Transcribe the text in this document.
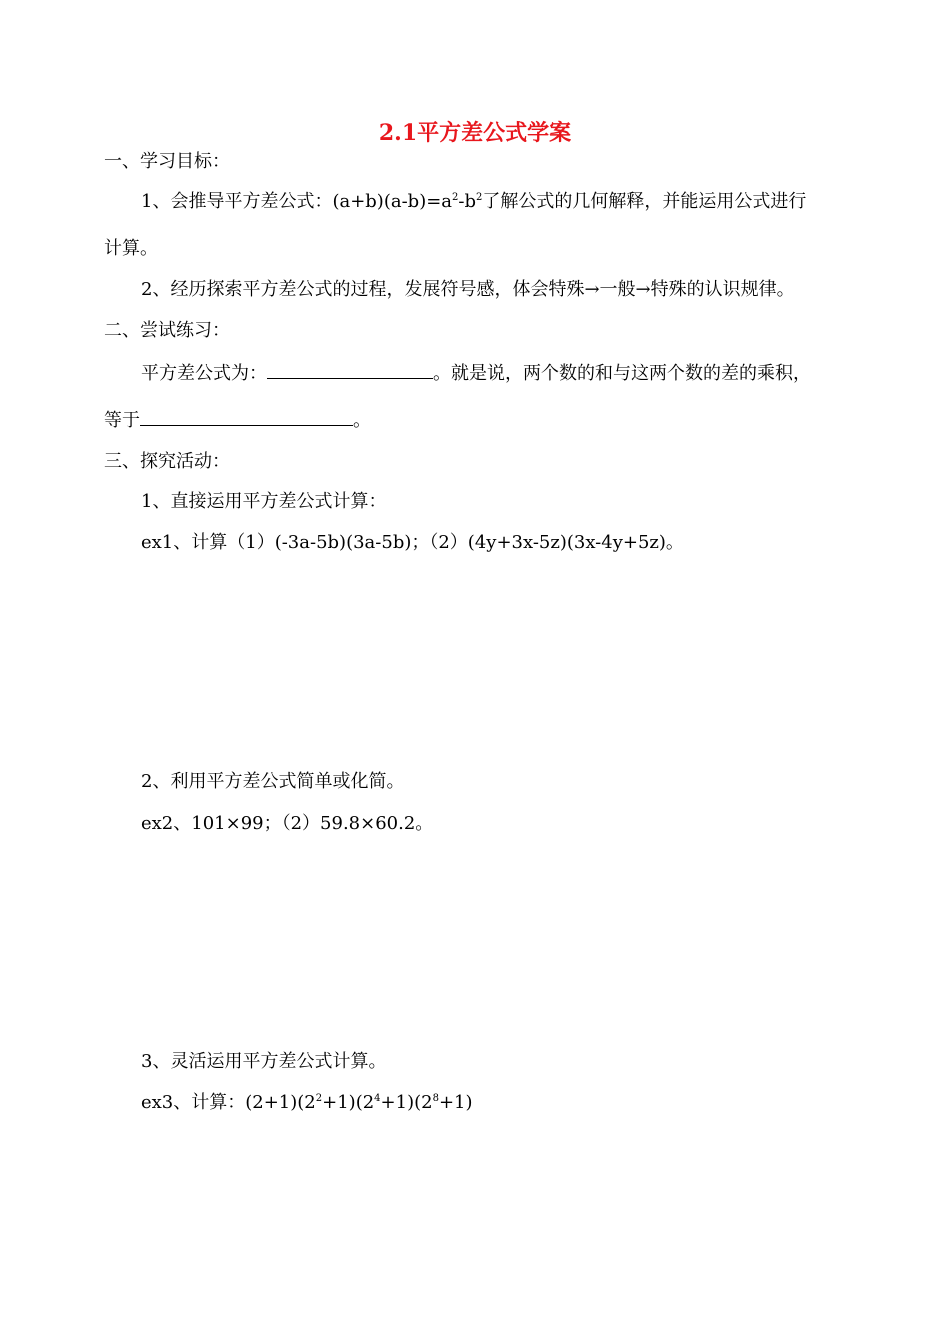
2.1平方差公式学案
一、学习目标：
1、会推导平方差公式：$(a+b)(a-b)=a^2-b^2$了解公式的几何解释，并能运用公式进行
计算。
2、经历探索平方差公式的过程，发展符号感，体会特殊→一般→特殊的认识规律。
二、尝试练习：
平方差公式为：	。就是说，两个数的和与这两个数的差的乘积，
等于	。
三、探究活动：
1、直接运用平方差公式计算：
ex1、计算（1）(-3a-5b)(3a-5b)；（2）(4y+3x-5z)(3x-4y+5z)。
2、利用平方差公式简单或化简。
ex2、101×99；（2）59.8×60.2。
3、灵活运用平方差公式计算。
ex3、计算：$(2+1)(2^2+1)(2^4+1)(2^8+1)$
